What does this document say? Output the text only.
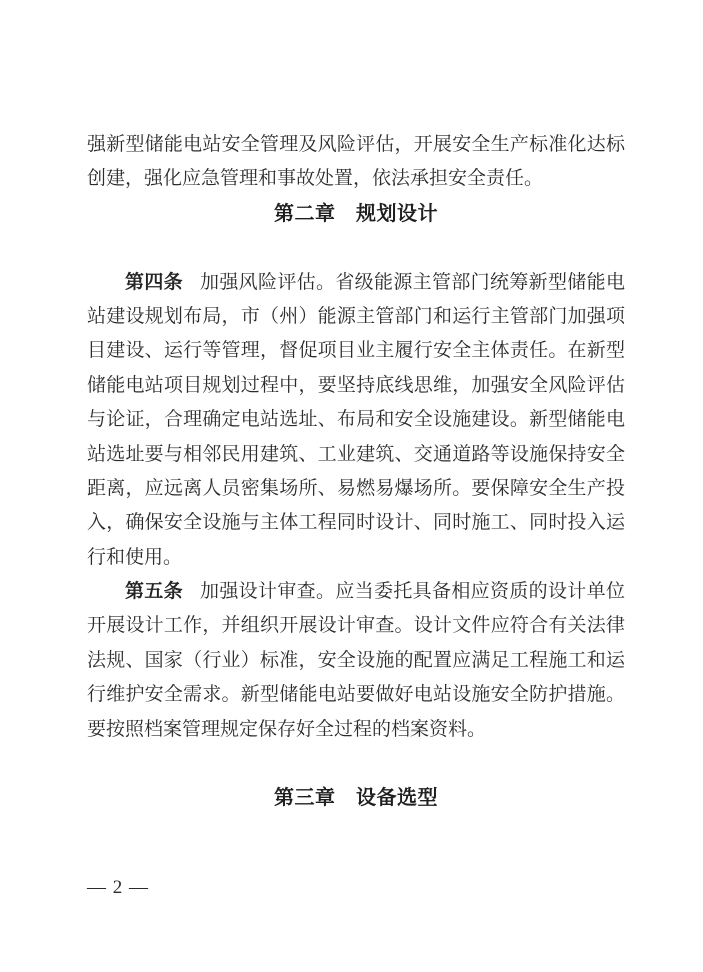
强新型储能电站安全管理及风险评估，开展安全生产标准化达标
创建，强化应急管理和事故处置，依法承担安全责任。
第二章　规划设计
第四条 加强风险评估。省级能源主管部门统筹新型储能电
站建设规划布局，市（州）能源主管部门和运行主管部门加强项
目建设、运行等管理，督促项目业主履行安全主体责任。在新型
储能电站项目规划过程中，要坚持底线思维，加强安全风险评估
与论证，合理确定电站选址、布局和安全设施建设。新型储能电
站选址要与相邻民用建筑、工业建筑、交通道路等设施保持安全
距离，应远离人员密集场所、易燃易爆场所。要保障安全生产投
入，确保安全设施与主体工程同时设计、同时施工、同时投入运
行和使用。
第五条 加强设计审查。应当委托具备相应资质的设计单位
开展设计工作，并组织开展设计审查。设计文件应符合有关法律
法规、国家（行业）标准，安全设施的配置应满足工程施工和运
行维护安全需求。新型储能电站要做好电站设施安全防护措施。
要按照档案管理规定保存好全过程的档案资料。
第三章　设备选型
— 2 —
